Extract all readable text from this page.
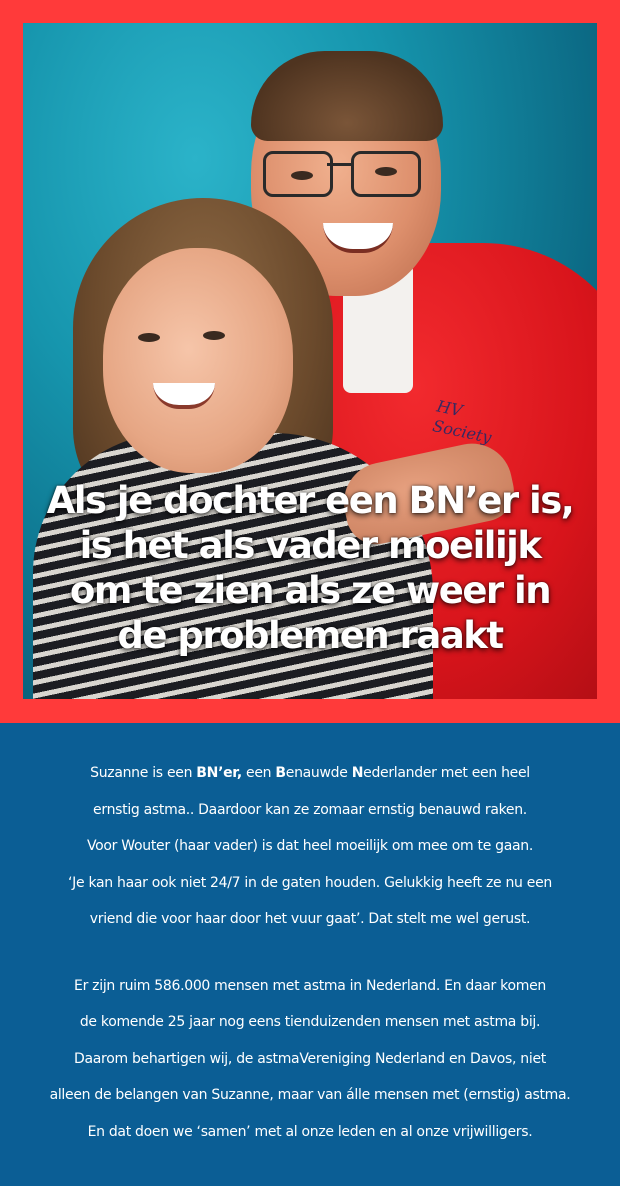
HV Society
Als je dochter een BN’er is,
is het als vader moeilijk
om te zien als ze weer in
de problemen raakt

Suzanne is een BN’er, een Benauwde Nederlander met een heel

ernstig astma.. Daardoor kan ze zomaar ernstig benauwd raken.

Voor Wouter (haar vader) is dat heel moeilijk om mee om te gaan.

‘Je kan haar ook niet 24/7 in de gaten houden. Gelukkig heeft ze nu een

vriend die voor haar door het vuur gaat’. Dat stelt me wel gerust.

Er zijn ruim 586.000 mensen met astma in Nederland. En daar komen

de komende 25 jaar nog eens tienduizenden mensen met astma bij.

Daarom behartigen wij, de astmaVereniging Nederland en Davos, niet

alleen de belangen van Suzanne, maar van álle mensen met (ernstig) astma.

En dat doen we ‘samen’ met al onze leden en al onze vrijwilligers.
